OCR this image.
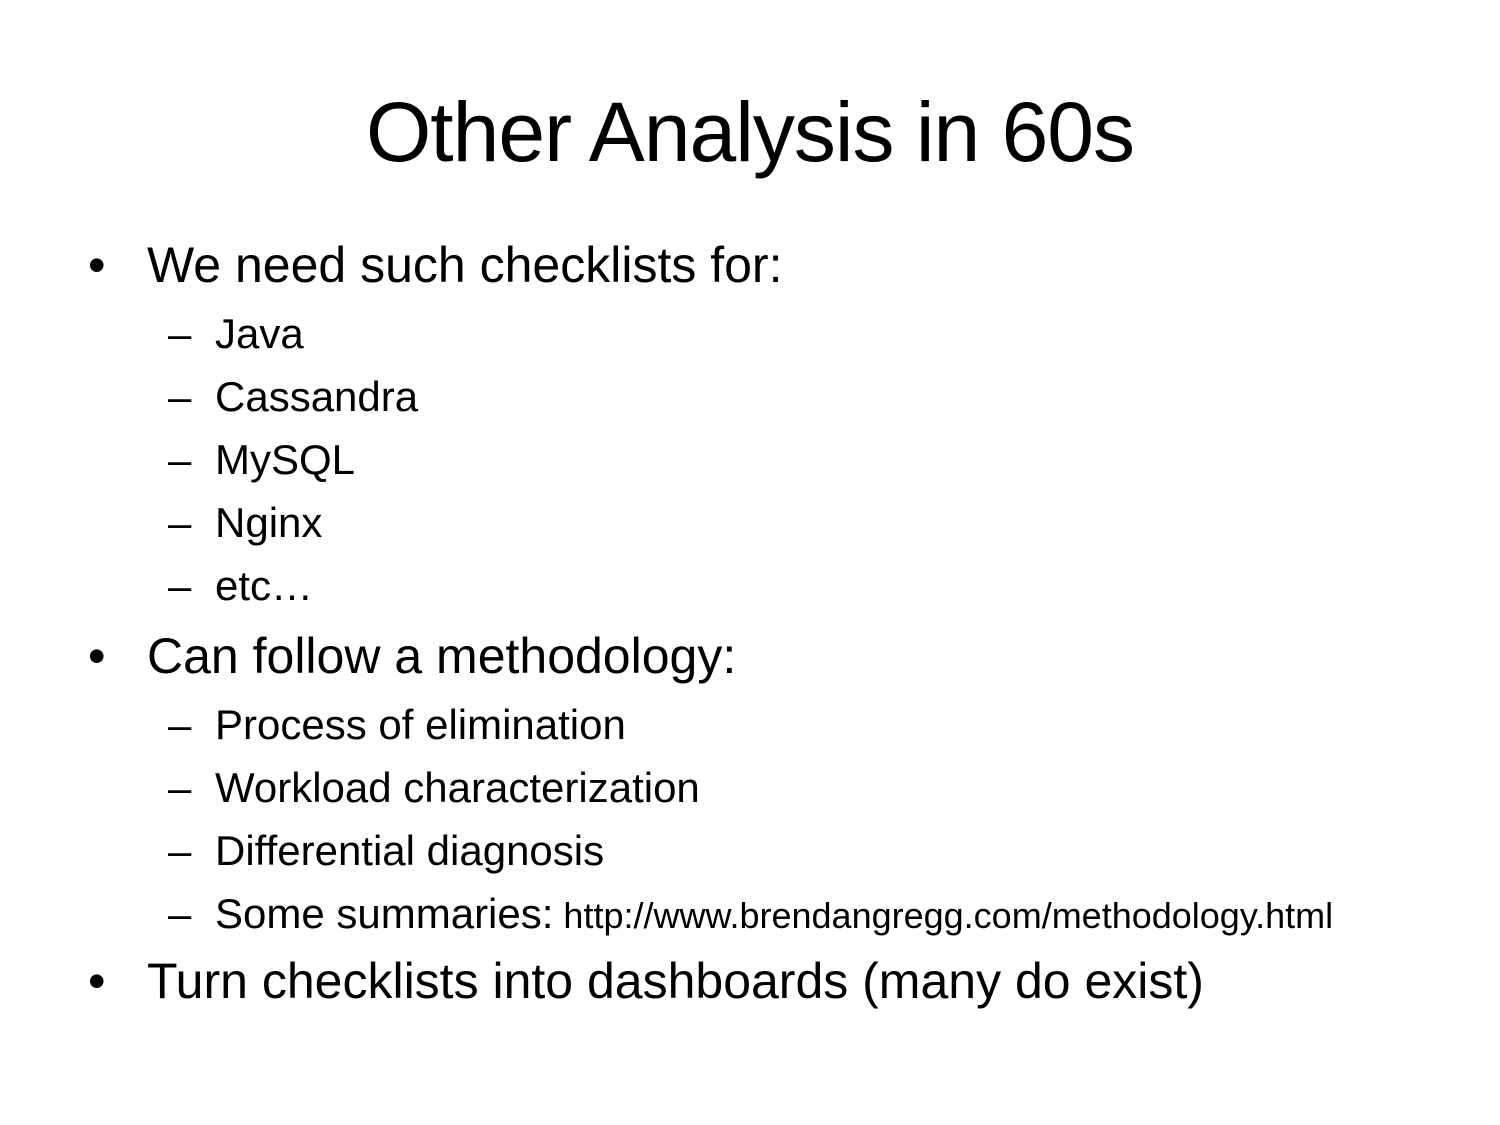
Other Analysis in 60s
• We need such checklists for:
– Java
– Cassandra
– MySQL
– Nginx
– etc…
• Can follow a methodology:
– Process of elimination
– Workload characterization
– Differential diagnosis
– Some summaries: http://www.brendangregg.com/methodology.html
• Turn checklists into dashboards (many do exist)
